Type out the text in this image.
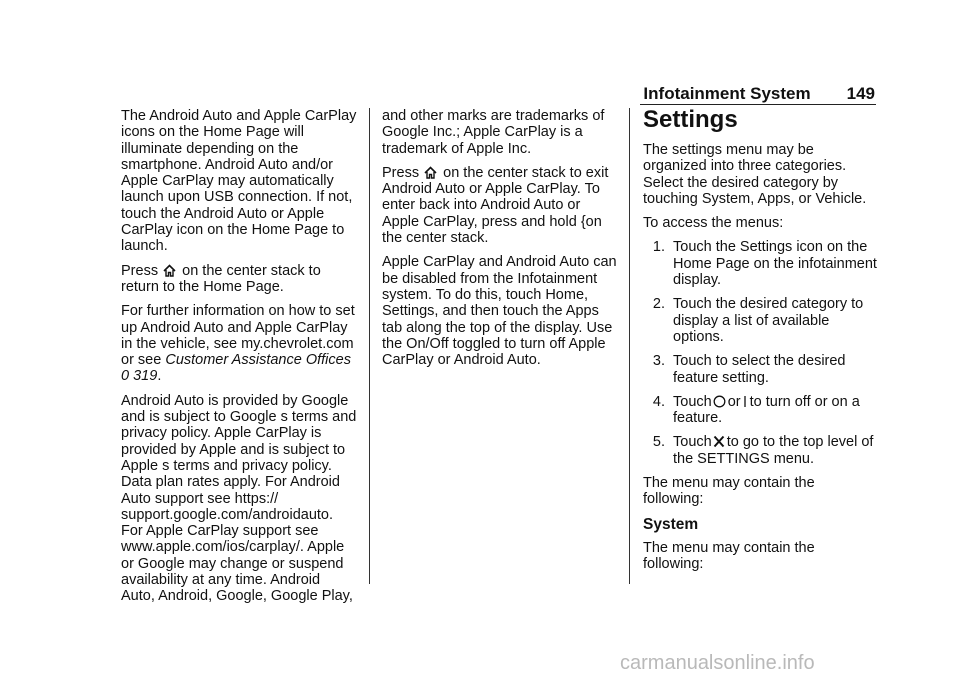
Infotainment System 149

The Android Auto and Apple CarPlay icons on the Home Page will illuminate depending on the smartphone. Android Auto and/or Apple CarPlay may automatically launch upon USB connection. If not, touch the Android Auto or Apple CarPlay icon on the Home Page to launch.

Press on the center stack to return to the Home Page.

For further information on how to set up Android Auto and Apple CarPlay in the vehicle, see my.chevrolet.com or see Customer Assistance Offices
0 319.

Android Auto is provided by Google and is subject to Google s terms and privacy policy. Apple CarPlay is provided by Apple and is subject to Apple s terms and privacy policy. Data plan rates apply. For Android Auto support see https:// support.google.com/androidauto. For Apple CarPlay support see www.apple.com/ios/carplay/. Apple or Google may change or suspend availability at any time. Android Auto, Android, Google, Google Play,

and other marks are trademarks of Google Inc.; Apple CarPlay is a trademark of Apple Inc.

Press on the center stack to exit Android Auto or Apple CarPlay. To enter back into Android Auto or Apple CarPlay, press and hold {on the center stack.

Apple CarPlay and Android Auto can be disabled from the Infotainment system. To do this, touch Home, Settings, and then touch the Apps tab along the top of the display. Use the On/Off toggled to turn off Apple CarPlay or Android Auto.

Settings

The settings menu may be organized into three categories. Select the desired category by touching System, Apps, or Vehicle.

To access the menus:

1. Touch the Settings icon on the Home Page on the infotainment display.
2. Touch the desired category to display a list of available options.
3. Touch to select the desired feature setting.
4. Touch or to turn off or on a feature.
5. Touch to go to the top level of the SETTINGS menu.

The menu may contain the following:

System

The menu may contain the following:

carmanualsonline.info
